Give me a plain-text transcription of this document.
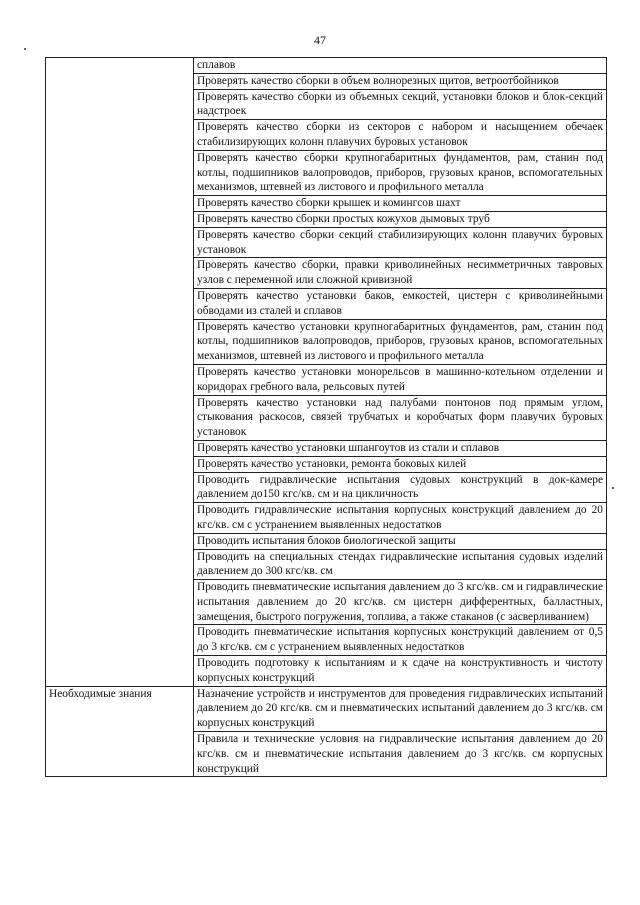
47
	сплавов
	Проверять качество сборки в объем волнорезных щитов, ветроотбойников
	Проверять качество сборки из объемных секций, установки блоков и блок-секций надстроек
	Проверять качество сборки из секторов с набором и насыщением обечаек стабилизирующих колонн плавучих буровых установок
	Проверять качество сборки крупногабаритных фундаментов, рам, станин под котлы, подшипников валопроводов, приборов, грузовых кранов, вспомогательных механизмов, штевней из листового и профильного металла
	Проверять качество сборки крышек и комингсов шахт
	Проверять качество сборки простых кожухов дымовых труб
	Проверять качество сборки секций стабилизирующих колонн плавучих буровых установок
	Проверять качество сборки, правки криволинейных несимметричных тавровых узлов с переменной или сложной кривизной
	Проверять качество установки баков, емкостей, цистерн с криволинейными обводами из сталей и сплавов
	Проверять качество установки крупногабаритных фундаментов, рам, станин под котлы, подшипников валопроводов, приборов, грузовых кранов, вспомогательных механизмов, штевней из листового и профильного металла
	Проверять качество установки монорельсов в машинно-котельном отделении и коридорах гребного вала, рельсовых путей
	Проверять качество установки над палубами понтонов под прямым углом, стыкования раскосов, связей трубчатых и коробчатых форм плавучих буровых установок
	Проверять качество установки шпангоутов из стали и сплавов
	Проверять качество установки, ремонта боковых килей
	Проводить гидравлические испытания судовых конструкций в док-камере давлением до150 кгс/кв. см и на цикличность
	Проводить гидравлические испытания корпусных конструкций давлением до 20 кгс/кв. см с устранением выявленных недостатков
	Проводить испытания блоков биологической защиты
	Проводить на специальных стендах гидравлические испытания судовых изделий давлением до 300 кгс/кв. см
	Проводить пневматические испытания давлением до 3 кгс/кв. см и гидравлические испытания давлением до 20 кгс/кв. см цистерн дифферентных, балластных, замещения, быстрого погружения, топлива, а также стаканов (с засверливанием)
	Проводить пневматические испытания корпусных конструкций давлением от 0,5 до 3 кгс/кв. см с устранением выявленных недостатков
	Проводить подготовку к испытаниям и к сдаче на конструктивность и чистоту корпусных конструкций
Необходимые знания	Назначение устройств и инструментов для проведения гидравлических испытаний давлением до 20 кгс/кв. см и пневматических испытаний давлением до 3 кгс/кв. см корпусных конструкций
	Правила и технические условия на гидравлические испытания давлением до 20 кгс/кв. см и пневматические испытания давлением до 3 кгс/кв. см корпусных конструкций
